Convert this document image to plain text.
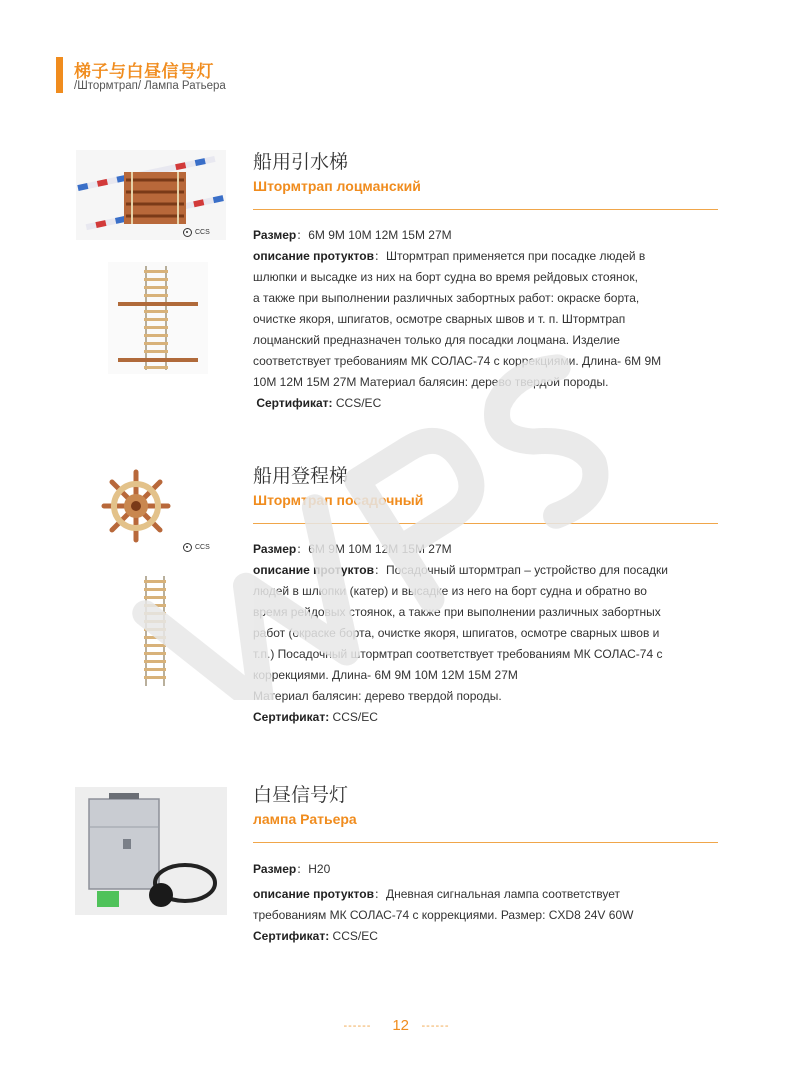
梯子与白昼信号灯
/Штормтрап/ Лампа Ратьера
CCS
船用引水梯
Штормтрап лоцманский
Размер：6M 9M 10M 12M 15M 27M
описание протуктов：Штормтрап применяется при посадке людей в
шлюпки и высадке из них на борт судна во время рейдовых стоянок,
а также при выполнении различных забортных работ: окраске борта,
очистке якоря, шпигатов, осмотре сварных швов и т. п. Штормтрап
лоцманский предназначен только для посадки лоцмана. Изделие
соответствует требованиям МК СОЛАС-74 с коррекциями. Длина- 6M 9M
10M 12M 15M 27M Материал балясин: дерево твердой породы.
Сертификат: CCS/EC
CCS
船用登程梯
Штормтрап посадочный
Размер：6M 9M 10M 12M 15M 27M
описание протуктов：Посадочный штормтрап – устройство для посадки
людей в шлюпки (катер) и высадке из него на борт судна и обратно во
время рейдовых стоянок, а также при выполнении различных забортных
работ (окраске борта, очистке якоря, шпигатов, осмотре сварных швов и
т.п.) Посадочный штормтрап соответствует требованиям МК СОЛАС-74 с
коррекциями. Длина- 6M 9M 10M 12M 15M 27M
Материал балясин: дерево твердой породы.
Сертификат: CCS/EC
白昼信号灯
лампа Ратьера
Размер：H20
описание протуктов：Дневная сигнальная лампа соответствует
требованиям МК СОЛАС-74 с коррекциями. Размер: CXD8 24V 60W
Сертификат: CCS/EC
------ 12 ------
